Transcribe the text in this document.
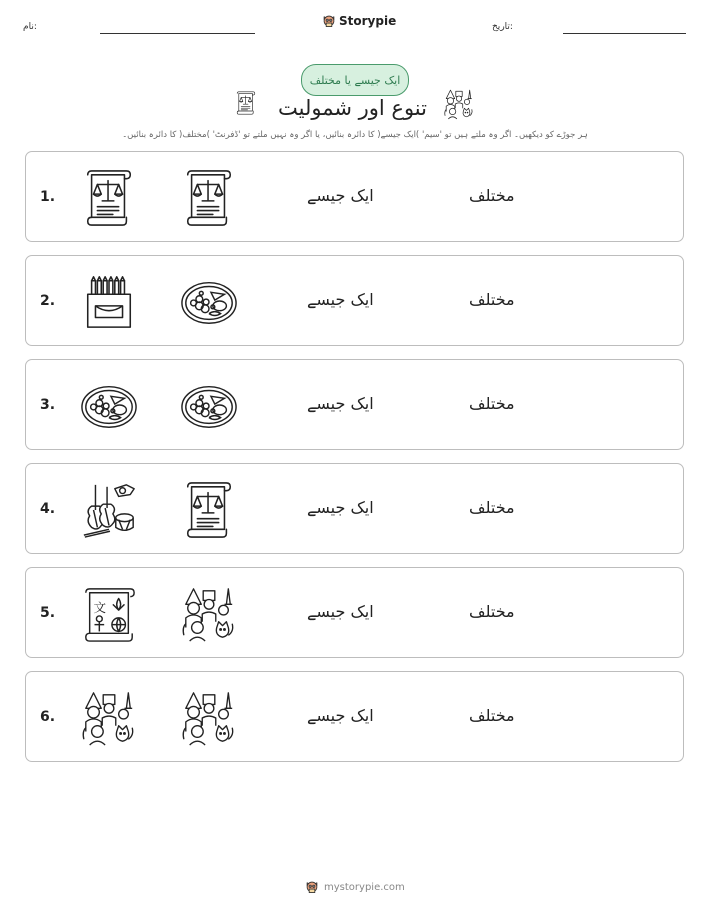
نام:	Storypie	تاریخ:
ایک جیسے یا مختلف
تنوع اور شمولیت
ہر جوڑے کو دیکھیں۔ اگر وہ ملتے ہیں تو 'سیم' )ایک جیسے( کا دائرہ بنائیں، یا اگر وہ نہیں ملتے تو 'ڈفرنٹ' )مختلف( کا دائرہ بنائیں۔
1.	ایک جیسے	مختلف
2.	ایک جیسے	مختلف
3.	ایک جیسے	مختلف
4.	ایک جیسے	مختلف
5.	文	ایک جیسے	مختلف
6.	ایک جیسے	مختلف
mystorypie.com
